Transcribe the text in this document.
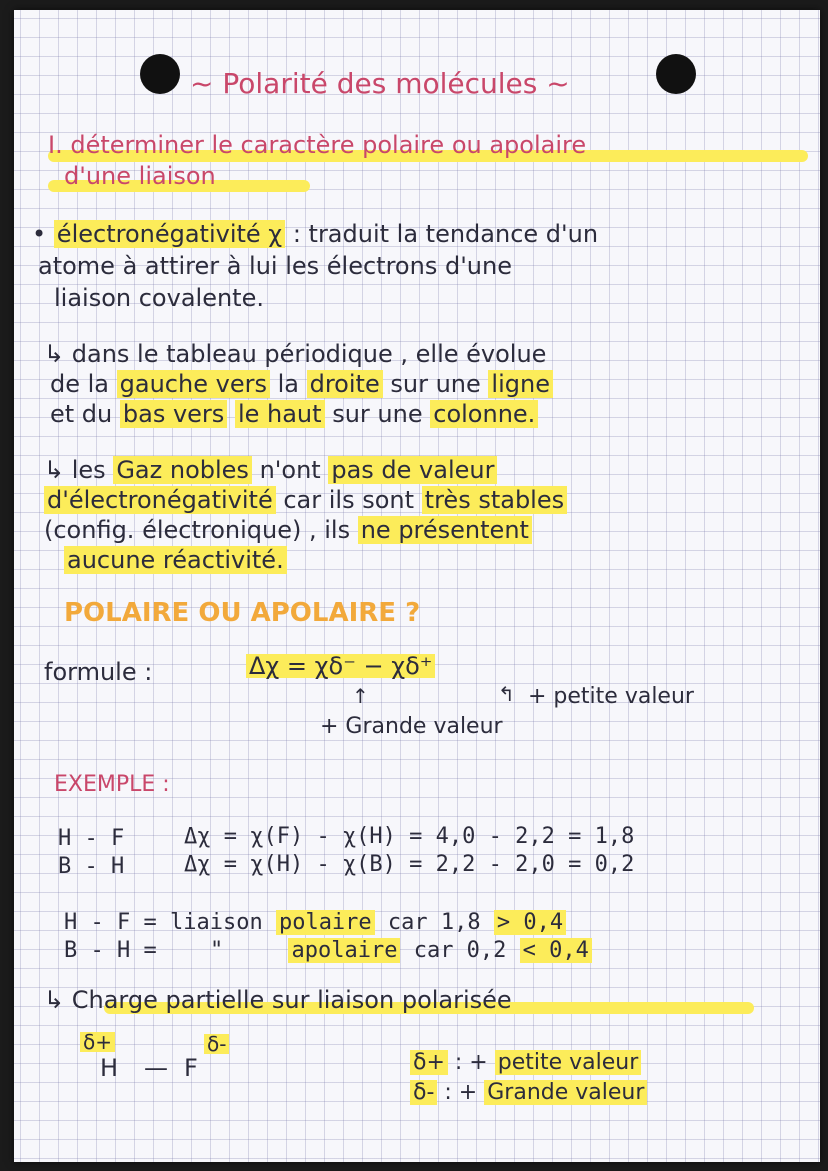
~ Polarité des molécules ~
I. déterminer le caractère polaire ou apolaire
d'une liaison
• électronégativité χ : traduit la tendance d'un
atome à attirer à lui les électrons d'une
liaison covalente.
↳ dans le tableau périodique , elle évolue
de la gauche vers la droite sur une ligne
et du bas vers le haut sur une colonne.
↳ les Gaz nobles n'ont pas de valeur
d'électronégativité car ils sont très stables
(config. électronique) , ils ne présentent
aucune réactivité.
POLAIRE OU APOLAIRE ?
formule :	Δχ = χδ⁻ − χδ⁺
↑	↰ + petite valeur
+ Grande valeur
EXEMPLE :
H - F	Δχ = χ(F) - χ(H) = 4,0 - 2,2 = 1,8
B - H	Δχ = χ(H) - χ(B) = 2,2 - 2,0 = 0,2
H - F = liaison polaire car 1,8 > 0,4
B - H = "	apolaire car 0,2 < 0,4
↳ Charge partielle sur liaison polarisée
δ+
H — F
δ-
δ+ : + petite valeur
δ- : + Grande valeur
